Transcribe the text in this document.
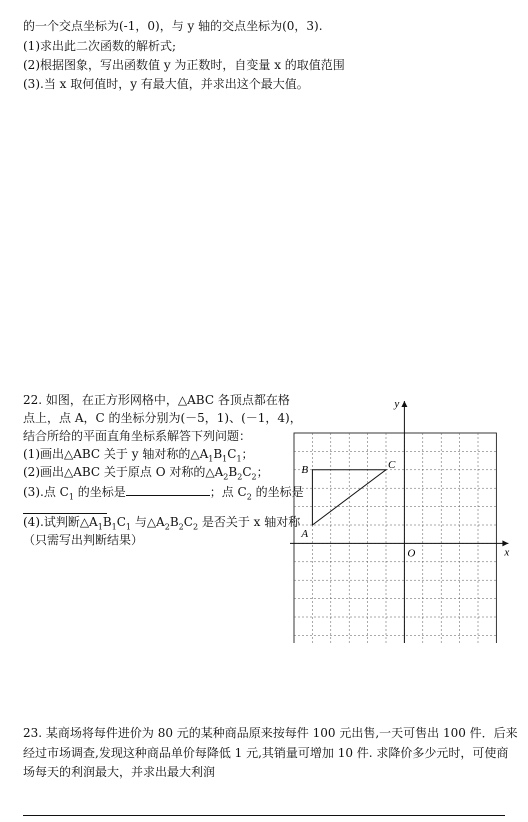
的一个交点坐标为(-1，0)，与 y 轴的交点坐标为(0，3).
(1)求出此二次函数的解析式;
(2)根据图象，写出函数值 y 为正数时，自变量 x 的取值范围
(3).当 x 取何值时，y 有最大值，并求出这个最大值。
22. 如图，在正方形网格中，△ABC 各顶点都在格
点上，点 A，C 的坐标分别为(－5，1)、(－1，4)，
结合所给的平面直角坐标系解答下列问题：
(1)画出△ABC 关于 y 轴对称的$\triangle A_1B_1C_1$；
(2)画出△ABC 关于原点 O 对称的$\triangle A_2B_2C_2$；
(3).点 $C_1$ 的坐标是	；点 $C_2$ 的坐标是
(4).试判断$\triangle A_1B_1C_1$ 与$\triangle A_2B_2C_2$ 是否关于 x 轴对称
（只需写出判断结果）
y
x
O
A
B	C
23. 某商场将每件进价为 80 元的某种商品原来按每件 100 元出售,一天可售出 100 件．后来
经过市场调查,发现这种商品单价每降低 1 元,其销量可增加 10 件. 求降价多少元时，可使商
场每天的利润最大，并求出最大利润
